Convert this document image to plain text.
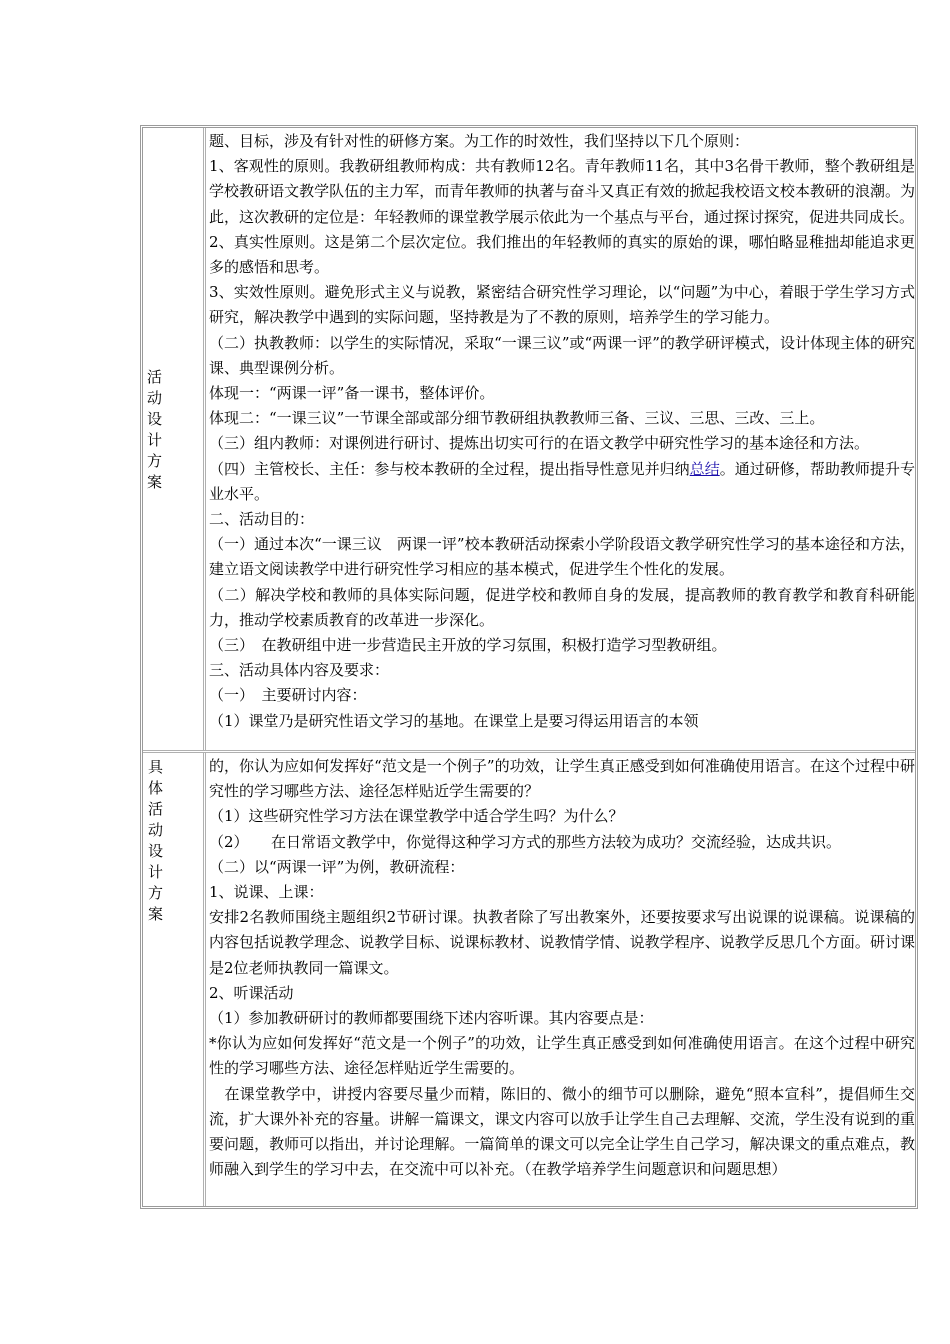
活动设计方案

题、目标，涉及有针对性的研修方案。为工作的时效性，我们坚持以下几个原则：

1、客观性的原则。我教研组教师构成：共有教师12名。青年教师11名，其中3名骨干教师，整个教研组是学校教研语文教学队伍的主力军，而青年教师的执著与奋斗又真正有效的掀起我校语文校本教研的浪潮。为此，这次教研的定位是：年轻教师的课堂教学展示依此为一个基点与平台，通过探讨探究，促进共同成长。

2、真实性原则。这是第二个层次定位。我们推出的年轻教师的真实的原始的课，哪怕略显稚拙却能追求更多的感悟和思考。

3、实效性原则。避免形式主义与说教，紧密结合研究性学习理论，以“问题”为中心，着眼于学生学习方式研究，解决教学中遇到的实际问题，坚持教是为了不教的原则，培养学生的学习能力。

（二）执教教师：以学生的实际情况，采取“一课三议”或“两课一评”的教学研评模式，设计体现主体的研究课、典型课例分析。

体现一：“两课一评”备一课书，整体评价。

体现二：“一课三议”一节课全部或部分细节教研组执教教师三备、三议、三思、三改、三上。

（三）组内教师：对课例进行研讨、提炼出切实可行的在语文教学中研究性学习的基本途径和方法。

（四）主管校长、主任：参与校本教研的全过程，提出指导性意见并归纳总结。通过研修，帮助教师提升专业水平。

二、活动目的：

（一）通过本次“一课三议　两课一评”校本教研活动探索小学阶段语文教学研究性学习的基本途径和方法，建立语文阅读教学中进行研究性学习相应的基本模式，促进学生个性化的发展。

（二）解决学校和教师的具体实际问题，促进学校和教师自身的发展，提高教师的教育教学和教育科研能力，推动学校素质教育的改革进一步深化。

（三）　在教研组中进一步营造民主开放的学习氛围，积极打造学习型教研组。

三、活动具体内容及要求：

（一）　主要研讨内容：

（1）课堂乃是研究性语文学习的基地。在课堂上是要习得运用语言的本领

具体活动设计方案

的，你认为应如何发挥好“范文是一个例子”的功效，让学生真正感受到如何准确使用语言。在这个过程中研究性的学习哪些方法、途径怎样贴近学生需要的？

（1）这些研究性学习方法在课堂教学中适合学生吗？为什么？

（2）　　在日常语文教学中，你觉得这种学习方式的那些方法较为成功？交流经验，达成共识。

（二）以“两课一评”为例，教研流程：

1、说课、上课：

安排2名教师围绕主题组织2节研讨课。执教者除了写出教案外，还要按要求写出说课的说课稿。说课稿的内容包括说教学理念、说教学目标、说课标教材、说教情学情、说教学程序、说教学反思几个方面。研讨课是2位老师执教同一篇课文。

2、听课活动

（1）参加教研研讨的教师都要围绕下述内容听课。其内容要点是：

*你认为应如何发挥好“范文是一个例子”的功效，让学生真正感受到如何准确使用语言。在这个过程中研究性的学习哪些方法、途径怎样贴近学生需要的。

　在课堂教学中，讲授内容要尽量少而精，陈旧的、微小的细节可以删除，避免“照本宣科”，提倡师生交流，扩大课外补充的容量。讲解一篇课文，课文内容可以放手让学生自己去理解、交流，学生没有说到的重要问题，教师可以指出，并讨论理解。一篇简单的课文可以完全让学生自己学习，解决课文的重点难点，教师融入到学生的学习中去，在交流中可以补充。（在教学培养学生问题意识和问题思想）
